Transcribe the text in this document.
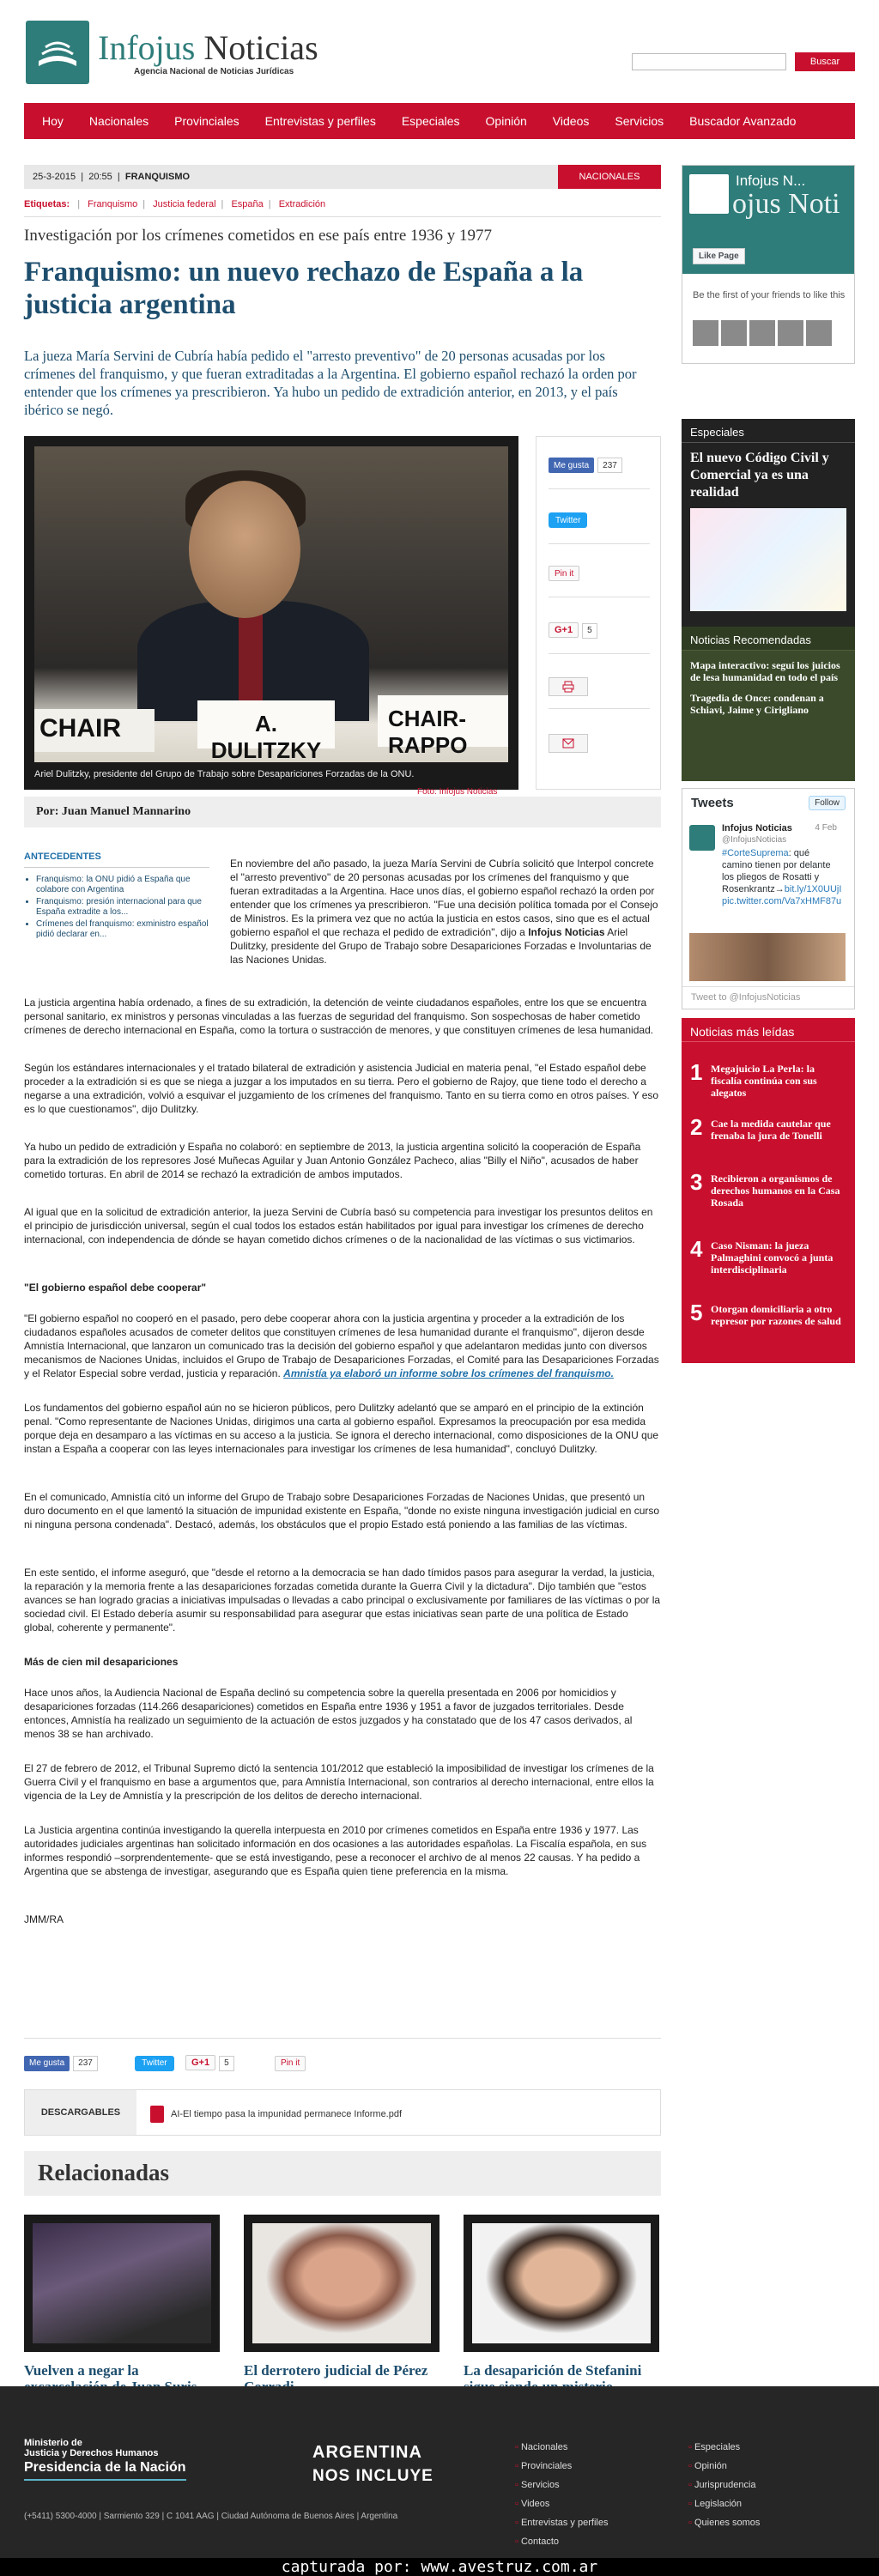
Infojus Noticias
Agencia Nacional de Noticias Jurídicas
Buscar
Hoy	Nacionales	Provinciales	Entrevistas y perfiles	Especiales	Opinión	Videos	Servicios	Buscador Avanzado
25-3-2015  |  20:55  |  FRANQUISMO	NACIONALES
Etiquetas: | Franquismo | Justicia federal | España | Extradición
Investigación por los crímenes cometidos en ese país entre 1936 y 1977
Franquismo: un nuevo rechazo de España a la justicia argentina

La jueza María Servini de Cubría había pedido el "arresto preventivo" de 20 personas acusadas por los crímenes del franquismo, y que fueran extraditadas a la Argentina. El gobierno español rechazó la orden por entender que los crímenes ya prescribieron. Ya hubo un pedido de extradición anterior, en 2013, y el país ibérico se negó.

CHAIR	A. DULITZKY
CHAIR-RAPPO
Ariel Dulitzky, presidente del Grupo de Trabajo sobre Desapariciones Forzadas de la ONU.
Foto: Infojus Noticias
Me gusta 237
Twitter
Pin it
G+1 5
Por: Juan Manuel Mannarino
ANTECEDENTES
• Franquismo: la ONU pidió a España que colabore con Argentina
• Franquismo: presión internacional para que España extradite a los...
• Crímenes del franquismo: exministro español pidió declarar en...

En noviembre del año pasado, la jueza María Servini de Cubría solicitó que Interpol concrete el "arresto preventivo" de 20 personas acusadas por los crímenes del franquismo y que fueran extraditadas a la Argentina. Hace unos días, el gobierno español rechazó la orden por entender que los crímenes ya prescribieron. "Fue una decisión política tomada por el Consejo de Ministros. Es la primera vez que no actúa la justicia en estos casos, sino que es el actual gobierno español el que rechaza el pedido de extradición", dijo a Infojus Noticias Ariel Dulitzky, presidente del Grupo de Trabajo sobre Desapariciones Forzadas e Involuntarias de las Naciones Unidas.

La justicia argentina había ordenado, a fines de su extradición, la detención de veinte ciudadanos españoles, entre los que se encuentra personal sanitario, ex ministros y personas vinculadas a las fuerzas de seguridad del franquismo. Son sospechosas de haber cometido crímenes de derecho internacional en España, como la tortura o sustracción de menores, y que constituyen crímenes de lesa humanidad.

Según los estándares internacionales y el tratado bilateral de extradición y asistencia Judicial en materia penal, "el Estado español debe proceder a la extradición si es que se niega a juzgar a los imputados en su tierra. Pero el gobierno de Rajoy, que tiene todo el derecho a negarse a una extradición, volvió a esquivar el juzgamiento de los crímenes del franquismo. Tanto en su tierra como en otros países. Y eso es lo que cuestionamos", dijo Dulitzky.

Ya hubo un pedido de extradición y España no colaboró: en septiembre de 2013, la justicia argentina solicitó la cooperación de España para la extradición de los represores José Muñecas Aguilar y Juan Antonio González Pacheco, alias "Billy el Niño", acusados de haber cometido torturas. En abril de 2014 se rechazó la extradición de ambos imputados.

Al igual que en la solicitud de extradición anterior, la jueza Servini de Cubría basó su competencia para investigar los presuntos delitos en el principio de jurisdicción universal, según el cual todos los estados están habilitados por igual para investigar los crímenes de derecho internacional, con independencia de dónde se hayan cometido dichos crímenes o de la nacionalidad de las víctimas o sus victimarios.

"El gobierno español debe cooperar"

"El gobierno español no cooperó en el pasado, pero debe cooperar ahora con la justicia argentina y proceder a la extradición de los ciudadanos españoles acusados de cometer delitos que constituyen crímenes de lesa humanidad durante el franquismo", dijeron desde Amnistía Internacional, que lanzaron un comunicado tras la decisión del gobierno español y que adelantaron medidas junto con diversos mecanismos de Naciones Unidas, incluidos el Grupo de Trabajo de Desapariciones Forzadas, el Comité para las Desapariciones Forzadas y el Relator Especial sobre verdad, justicia y reparación. Amnistía ya elaboró un informe sobre los crímenes del franquismo.

Los fundamentos del gobierno español aún no se hicieron públicos, pero Dulitzky adelantó que se amparó en el principio de la extinción penal. "Como representante de Naciones Unidas, dirigimos una carta al gobierno español. Expresamos la preocupación por esa medida porque deja en desamparo a las víctimas en su acceso a la justicia. Se ignora el derecho internacional, como disposiciones de la ONU que instan a España a cooperar con las leyes internacionales para investigar los crímenes de lesa humanidad", concluyó Dulitzky.

En el comunicado, Amnistía citó un informe del Grupo de Trabajo sobre Desapariciones Forzadas de Naciones Unidas, que presentó un duro documento en el que lamentó la situación de impunidad existente en España, "donde no existe ninguna investigación judicial en curso ni ninguna persona condenada". Destacó, además, los obstáculos que el propio Estado está poniendo a las familias de las víctimas.

En este sentido, el informe aseguró, que "desde el retorno a la democracia se han dado tímidos pasos para asegurar la verdad, la justicia, la reparación y la memoria frente a las desapariciones forzadas cometida durante la Guerra Civil y la dictadura". Dijo también que "estos avances se han logrado gracias a iniciativas impulsadas o llevadas a cabo principal o exclusivamente por familiares de las víctimas o por la sociedad civil. El Estado debería asumir su responsabilidad para asegurar que estas iniciativas sean parte de una política de Estado global, coherente y permanente".

Más de cien mil desapariciones

Hace unos años, la Audiencia Nacional de España declinó su competencia sobre la querella presentada en 2006 por homicidios y desapariciones forzadas (114.266 desapariciones) cometidos en España entre 1936 y 1951 a favor de juzgados territoriales. Desde entonces, Amnistía ha realizado un seguimiento de la actuación de estos juzgados y ha constatado que de los 47 casos derivados, al menos 38 se han archivado.

El 27 de febrero de 2012, el Tribunal Supremo dictó la sentencia 101/2012 que estableció la imposibilidad de investigar los crímenes de la Guerra Civil y el franquismo en base a argumentos que, para Amnistía Internacional, son contrarios al derecho internacional, entre ellos la vigencia de la Ley de Amnistía y la prescripción de los delitos de derecho internacional.

La Justicia argentina continúa investigando la querella interpuesta en 2010 por crímenes cometidos en España entre 1936 y 1977. Las autoridades judiciales argentinas han solicitado información en dos ocasiones a las autoridades españolas. La Fiscalía española, en sus informes respondió –sorprendentemente- que se está investigando, pese a reconocer el archivo de al menos 22 causas. Y ha pedido a Argentina que se abstenga de investigar, asegurando que es España quien tiene preferencia en la misma.

JMM/RA

Me gusta 237	Twitter	G+1 5	Pin it
DESCARGABLES	AI-El tiempo pasa la impunidad permanece Informe.pdf
Relacionadas
Vuelven a negar la	El derrotero judicial de Pérez	La desaparición de Stefanini
Infojus N...
ojus Noti
Like Page
Be the first of your friends to like this
Especiales
El nuevo Código Civil y Comercial ya es una realidad
Noticias Recomendadas

Mapa interactivo: seguí los juicios de lesa humanidad en todo el país

Tragedia de Once: condenan a Schiavi, Jaime y Cirigliano

Tweets	Follow
Infojus Noticias
@InfojusNoticias
4 Feb
#CorteSuprema: qué camino tienen por delante los pliegos de Rosatti y Rosenkrantz→bit.ly/1X0UUjI pic.twitter.com/Va7xHMF87u
Tweet to @InfojusNoticias
Noticias más leídas
1 Megajuicio La Perla: la fiscalía continúa con sus alegatos
2 Cae la medida cautelar que frenaba la jura de Tonelli
3 Recibieron a organismos de derechos humanos en la Casa Rosada
4 Caso Nisman: la jueza Palmaghini convocó a junta interdisciplinaria
5 Otorgan domiciliaria a otro represor por razones de salud
Ministerio de
Justicia y Derechos Humanos
Presidencia de la Nación
ARGENTINA
NOS INCLUYE
(+5411) 5300-4000 | Sarmiento 329 | C 1041 AAG | Ciudad Autónoma de Buenos Aires | Argentina
▫ Nacionales
▫ Provinciales
▫ Servicios
▫ Videos
▫ Entrevistas y perfiles
▫ Contacto
▫ Especiales
▫ Opinión
▫ Jurisprudencia
▫ Legislación
▫ Quienes somos
capturada por: www.avestruz.com.ar
